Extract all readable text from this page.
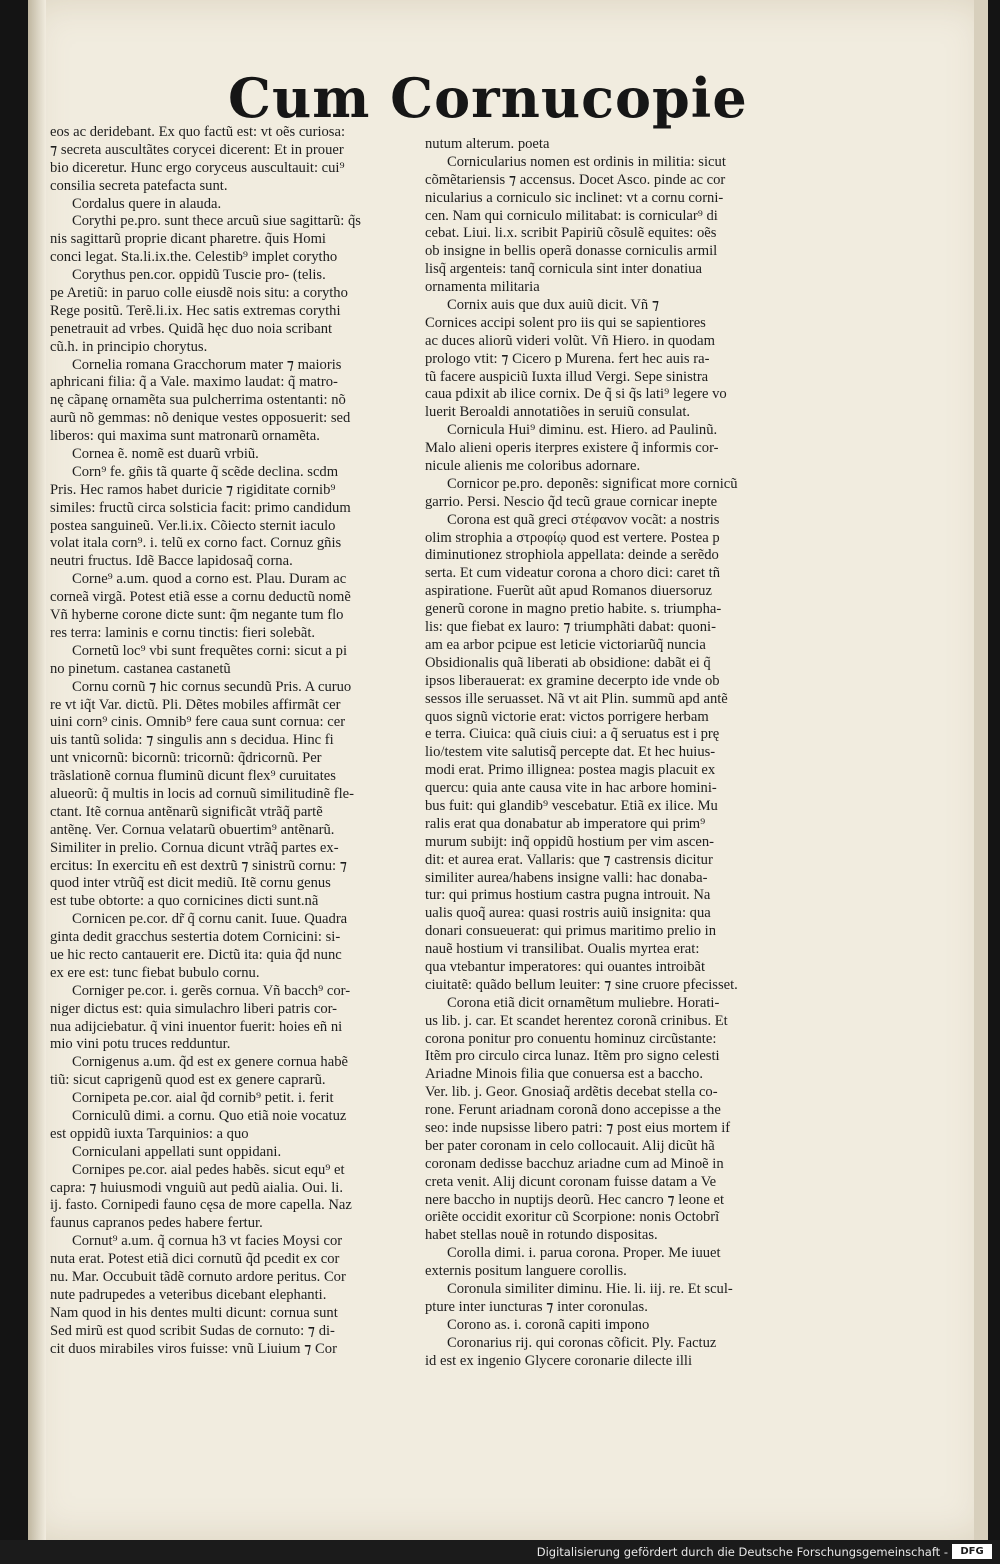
Cum Cornucopie
eos ac deridebant. Ex quo factũ est: vt oẽs curiosa:
⁊ secreta auscultãtes corycei dicerent: Et in prouer
bio diceretur. Hunc ergo coryceus auscultauit: cui⁹
consilia secreta patefacta sunt.
Cordalus quere in alauda.
Corythi pe.pro. sunt thece arcuũ siue sagittarũ: q̃s
nis sagittarũ proprie dicant pharetre. q̃uis Homi
conci legat. Sta.li.ix.the. Celestib⁹ implet corytho
Corythus pen.cor. oppidũ Tuscie pro- (telis.
pe Aretiũ: in paruo colle eiusdẽ nois situ: a corytho
Rege positũ. Terẽ.li.ix. Hec satis extremas corythi
penetrauit ad vrbes. Quidã hęc duo noia scribant
cũ.h. in principio chorytus.
Cornelia romana Gracchorum mater ⁊ maioris
aphricani filia: q̃ a Vale. maximo laudat: q̃ matro-
nę cãpanę ornamẽta sua pulcherrima ostentanti: nõ
aurũ nõ gemmas: nõ denique vestes opposuerit: sed
liberos: qui maxima sunt matronarũ ornamẽta.
Cornea ẽ. nomẽ est duarũ vrbiũ.
Corn⁹ fe. gñis tã quarte q̃ scẽde declina. scdm
Pris. Hec ramos habet duricie ⁊ rigiditate cornib⁹
similes: fructũ circa solsticia facit: primo candidum
postea sanguineũ. Ver.li.ix. Cõiecto sternit iaculo
volat itala corn⁹. i. telũ ex corno fact. Cornuz gñis
neutri fructus. Idẽ Bacce lapidosaq̃ corna.
Corne⁹ a.um. quod a corno est. Plau. Duram ac
corneã virgã. Potest etiã esse a cornu deductũ nomẽ
Vñ hyberne corone dicte sunt: q̃m negante tum flo
res terra: laminis e cornu tinctis: fieri solebãt.
Cornetũ loc⁹ vbi sunt frequẽtes corni: sicut a pi
no pinetum. castanea castanetũ
Cornu cornũ ⁊ hic cornus secundũ Pris. A curuo
re vt iq̃t Var. dictũ. Pli. Dẽtes mobiles affirmãt cer
uini corn⁹ cinis. Omnib⁹ fere caua sunt cornua: cer
uis tantũ solida: ⁊ singulis ann s decidua. Hinc fi
unt vnicornũ: bicornũ: tricornũ: q̃dricornũ. Per
trãslationẽ cornua fluminũ dicunt flex⁹ curuitates
alueorũ: q̃ multis in locis ad cornuũ similitudinẽ fle-
ctant. Itẽ cornua antẽnarũ significãt vtrãq̃ partẽ
antẽnę. Ver. Cornua velatarũ obuertim⁹ antẽnarũ.
Similiter in prelio. Cornua dicunt vtrãq̃ partes ex-
ercitus: In exercitu eñ est dextrũ ⁊ sinistrũ cornu: ⁊
quod inter vtrũq̃ est dicit mediũ. Itẽ cornu genus
est tube obtorte: a quo cornicines dicti sunt.nã
Cornicen pe.cor. dr̃ q̃ cornu canit. Iuue. Quadra
ginta dedit gracchus sestertia dotem Cornicini: si-
ue hic recto cantauerit ere. Dictũ ita: quia q̃d nunc
ex ere est: tunc fiebat bubulo cornu.
Corniger pe.cor. i. gerẽs cornua. Vñ bacch⁹ cor-
niger dictus est: quia simulachro liberi patris cor-
nua adijciebatur. q̃ vini inuentor fuerit: hoies eñ ni
mio vini potu truces redduntur.
Cornigenus a.um. q̃d est ex genere cornua habẽ
tiũ: sicut caprigenũ quod est ex genere caprarũ.
Cornipeta pe.cor. aial q̃d cornib⁹ petit. i. ferit
Corniculũ dimi. a cornu. Quo etiã noie vocatuz
est oppidũ iuxta Tarquinios: a quo
Corniculani appellati sunt oppidani.
Cornipes pe.cor. aial pedes habẽs. sicut equ⁹ et
capra: ⁊ huiusmodi vnguiũ aut pedũ aialia. Oui. li.
ij. fasto. Cornipedi fauno cęsa de more capella. Naz
faunus capranos pedes habere fertur.
Cornut⁹ a.um. q̃ cornua h3 vt facies Moysi cor
nuta erat. Potest etiã dici cornutũ q̃d pcedit ex cor
nu. Mar. Occubuit tãdẽ cornuto ardore peritus. Cor
nute padrupedes a veteribus dicebant elephanti.
Nam quod in his dentes multi dicunt: cornua sunt
Sed mirũ est quod scribit Sudas de cornuto: ⁊ di-
cit duos mirabiles viros fuisse: vnũ Liuium ⁊ Cor
nutum alterum. poeta
Cornicularius nomen est ordinis in militia: sicut
cõmẽtariensis ⁊ accensus. Docet Asco. pinde ac cor
nicularius a corniculo sic inclinet: vt a cornu corni-
cen. Nam qui corniculo militabat: is cornicular⁹ di
cebat. Liui. li.x. scribit Papiriũ cõsulẽ equites: oẽs
ob insigne in bellis operã donasse corniculis armil
lisq̃ argenteis: tanq̃ cornicula sint inter donatiua
ornamenta militaria
Cornix auis que dux auiũ dicit. Vñ ⁊
Cornices accipi solent pro iis qui se sapientiores
ac duces aliorũ videri volũt. Vñ Hiero. in quodam
prologo vtit: ⁊ Cicero p Murena. fert hec auis ra-
tũ facere auspiciũ Iuxta illud Vergi. Sepe sinistra
caua pdixit ab ilice cornix. De q̃ si q̃s lati⁹ legere vo
luerit Beroaldi annotatiões in seruiũ consulat.
Cornicula Hui⁹ diminu. est. Hiero. ad Paulinũ.
Malo alieni operis iterpres existere q̃ informis cor-
nicule alienis me coloribus adornare.
Cornicor pe.pro. deponẽs: significat more cornicũ
garrio. Persi. Nescio q̃d tecũ graue cornicar inepte
Corona est quã greci στέφανον vocãt: a nostris
olim strophia a στροφίῳ quod est vertere. Postea p
diminutionez strophiola appellata: deinde a serẽdo
serta. Et cum videatur corona a choro dici: caret tñ
aspiratione. Fuerũt aũt apud Romanos diuersoruz
generũ corone in magno pretio habite. s. triumpha-
lis: que fiebat ex lauro: ⁊ triumphãti dabat: quoni-
am ea arbor pcipue est leticie victoriarũq̃ nuncia
Obsidionalis quã liberati ab obsidione: dabãt ei q̃
ipsos liberauerat: ex gramine decerpto ide vnde ob
sessos ille seruasset. Nã vt ait Plin. summũ apd antẽ
quos signũ victorie erat: victos porrigere herbam
e terra. Ciuica: quã ciuis ciui: a q̃ seruatus est i prę
lio/testem vite salutisq̃ percepte dat. Et hec huius-
modi erat. Primo illignea: postea magis placuit ex
quercu: quia ante causa vite in hac arbore homini-
bus fuit: qui glandib⁹ vescebatur. Etiã ex ilice. Mu
ralis erat qua donabatur ab imperatore qui prim⁹
murum subijt: inq̃ oppidũ hostium per vim ascen-
dit: et aurea erat. Vallaris: que ⁊ castrensis dicitur
similiter aurea/habens insigne valli: hac donaba-
tur: qui primus hostium castra pugna introuit. Na
ualis quoq̃ aurea: quasi rostris auiũ insignita: qua
donari consueuerat: qui primus maritimo prelio in
nauẽ hostium vi transilibat. Oualis myrtea erat:
qua vtebantur imperatores: qui ouantes introibãt
ciuitatẽ: quãdo bellum leuiter: ⁊ sine cruore pfecisset.
Corona etiã dicit ornamẽtum muliebre. Horati-
us lib. j. car. Et scandet herentez coronã crinibus. Et
corona ponitur pro conuentu hominuz circũstante:
Itẽm pro circulo circa lunaz. Itẽm pro signo celesti
Ariadne Minois filia que conuersa est a baccho.
Ver. lib. j. Geor. Gnosiaq̃ ardẽtis decebat stella co-
rone. Ferunt ariadnam coronã dono accepisse a the
seo: inde nupsisse libero patri: ⁊ post eius mortem if
ber pater coronam in celo collocauit. Alij dicũt hã
coronam dedisse bacchuz ariadne cum ad Minoẽ in
creta venit. Alij dicunt coronam fuisse datam a Ve
nere baccho in nuptijs deorũ. Hec cancro ⁊ leone et
oriẽte occidit exoritur cũ Scorpione: nonis Octobrĩ
habet stellas nouẽ in rotundo dispositas.
Corolla dimi. i. parua corona. Proper. Me iuuet
externis positum languere corollis.
Coronula similiter diminu. Hie. li. iij. re. Et scul-
pture inter iuncturas ⁊ inter coronulas.
Corono as. i. coronã capiti impono
Coronarius rij. qui coronas cõficit. Ply. Factuz
id est ex ingenio Glycere coronarie dilecte illi
Digitalisierung gefördert durch die Deutsche Forschungsgemeinschaft -	DFG
